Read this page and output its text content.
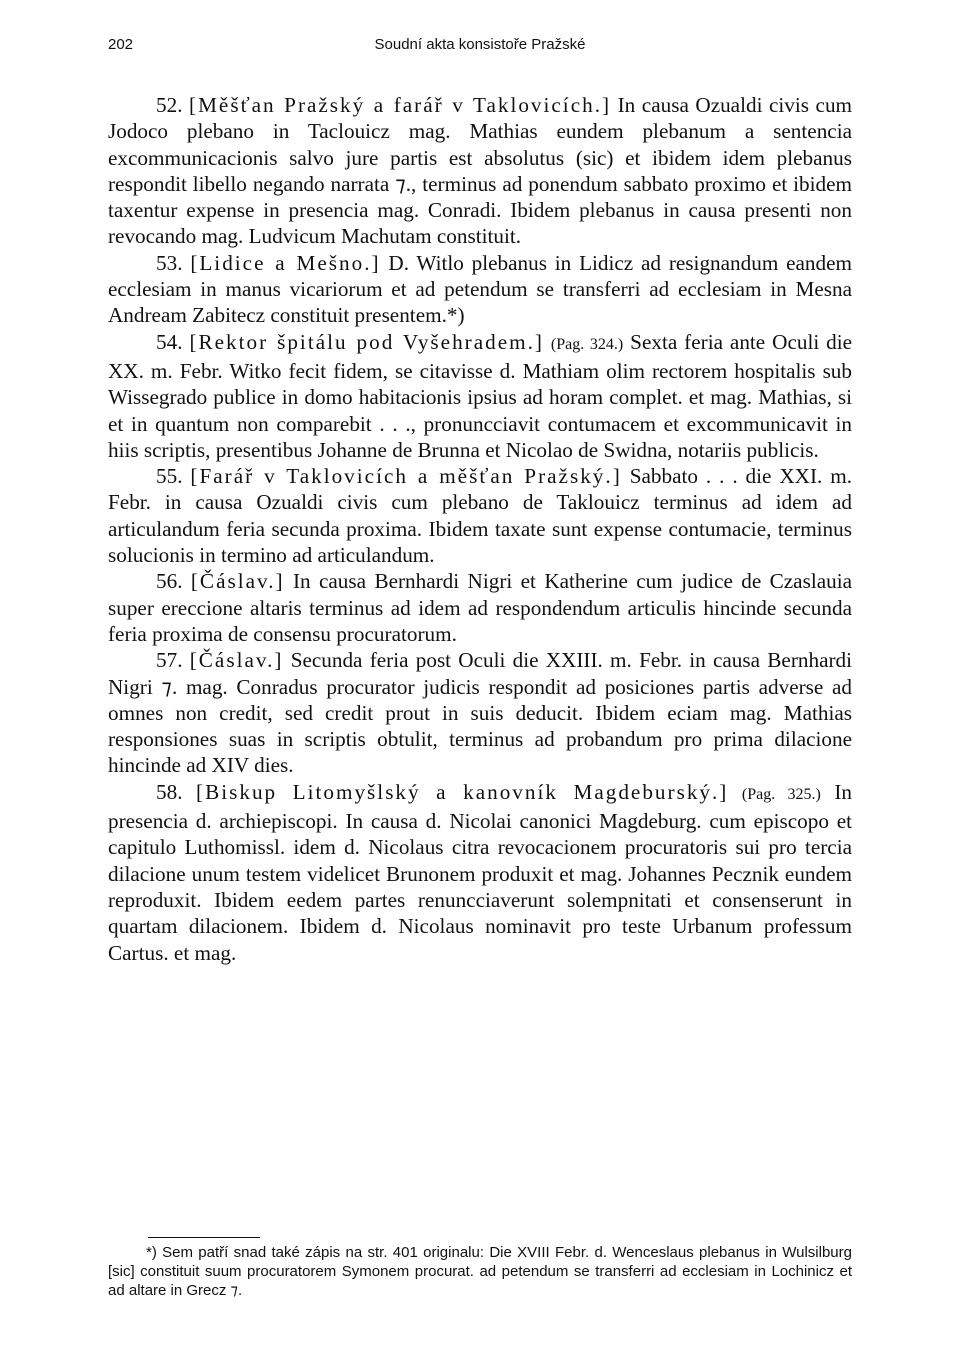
202	Soudní akta konsistoře Pražské

52. [Měšťan Pražský a farář v Taklovicích.] In causa Ozualdi civis cum Jodoco plebano in Taclouicz mag. Mathias eundem plebanum a sentencia excommunicacionis salvo jure partis est absolutus (sic) et ibidem idem plebanus respondit libello negando narrata ⁊., terminus ad ponendum sabbato proximo et ibidem taxentur expense in presencia mag. Conradi. Ibidem plebanus in causa presenti non revocando mag. Ludvicum Machutam constituit.

53. [Lidice a Mešno.] D. Witlo plebanus in Lidicz ad resignandum eandem ecclesiam in manus vicariorum et ad petendum se transferri ad ecclesiam in Mesna Andream Zabitecz constituit presentem.*)

54. [Rektor špitálu pod Vyšehradem.] (Pag. 324.) Sexta feria ante Oculi die XX. m. Febr. Witko fecit fidem, se citavisse d. Mathiam olim rectorem hospitalis sub Wissegrado publice in domo habitacionis ipsius ad horam complet. et mag. Mathias, si et in quantum non comparebit . . ., pronuncciavit contumacem et excommunicavit in hiis scriptis, presentibus Johanne de Brunna et Nicolao de Swidna, notariis publicis.

55. [Farář v Taklovicích a měšťan Pražský.] Sabbato . . . die XXI. m. Febr. in causa Ozualdi civis cum plebano de Taklouicz terminus ad idem ad articulandum feria secunda proxima. Ibidem taxate sunt expense contumacie, terminus solucionis in termino ad articulandum.

56. [Čáslav.] In causa Bernhardi Nigri et Katherine cum judice de Czaslauia super ereccione altaris terminus ad idem ad respondendum articulis hincinde secunda feria proxima de consensu procuratorum.

57. [Čáslav.] Secunda feria post Oculi die XXIII. m. Febr. in causa Bernhardi Nigri ⁊. mag. Conradus procurator judicis respondit ad posiciones partis adverse ad omnes non credit, sed credit prout in suis deducit. Ibidem eciam mag. Mathias responsiones suas in scriptis obtulit, terminus ad probandum pro prima dilacione hincinde ad XIV dies.

58. [Biskup Litomyšlský a kanovník Magdeburský.] (Pag. 325.) In presencia d. archiepiscopi. In causa d. Nicolai canonici Magdeburg. cum episcopo et capitulo Luthomissl. idem d. Nicolaus citra revocacionem procuratoris sui pro tercia dilacione unum testem videlicet Brunonem produxit et mag. Johannes Pecznik eundem reproduxit. Ibidem eedem partes renuncciaverunt solempnitati et consenserunt in quartam dilacionem. Ibidem d. Nicolaus nominavit pro teste Urbanum professum Cartus. et mag.

*) Sem patří snad také zápis na str. 401 originalu: Die XVIII Febr. d. Wenceslaus plebanus in Wulsilburg [sic] constituit suum procuratorem Symonem procurat. ad petendum se transferri ad ecclesiam in Lochinicz et ad altare in Grecz ⁊.
